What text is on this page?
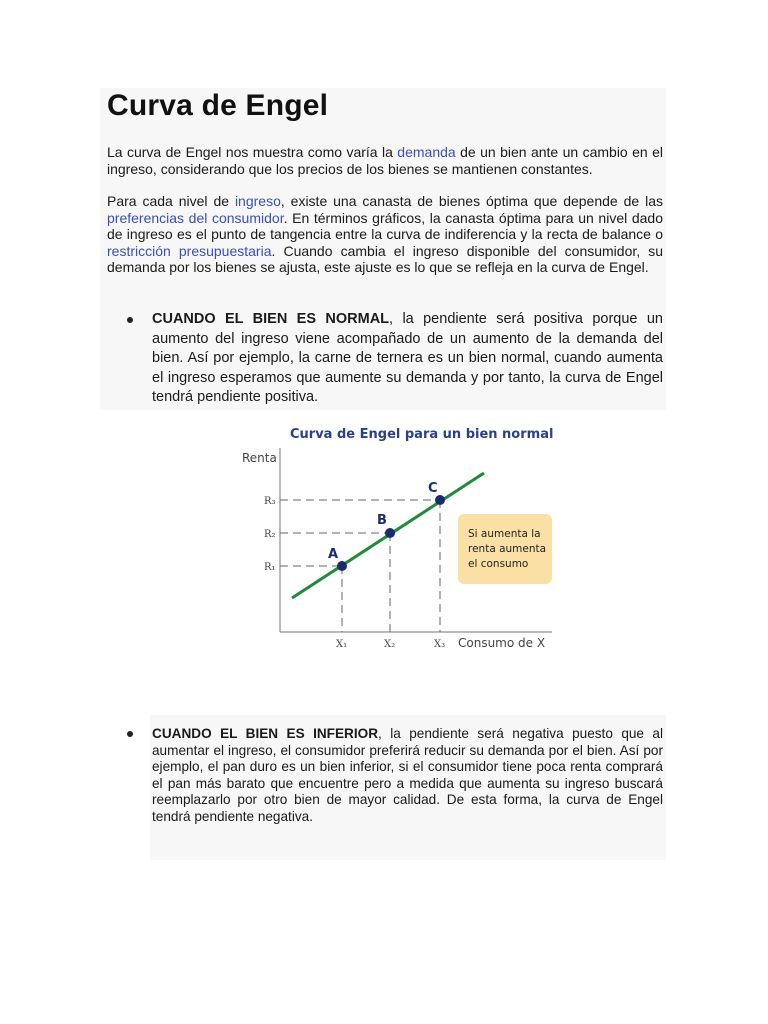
Curva de Engel

La curva de Engel nos muestra como varía la demanda de un bien ante un cambio en el ingreso, considerando que los precios de los bienes se mantienen constantes.

Para cada nivel de ingreso, existe una canasta de bienes óptima que depende de las preferencias del consumidor. En términos gráficos, la canasta óptima para un nivel dado de ingreso es el punto de tangencia entre la curva de indiferencia y la recta de balance o restricción presupuestaria. Cuando cambia el ingreso disponible del consumidor, su demanda por los bienes se ajusta, este ajuste es lo que se refleja en la curva de Engel.

CUANDO EL BIEN ES NORMAL, la pendiente será positiva porque un aumento del ingreso viene acompañado de un aumento de la demanda del bien. Así por ejemplo, la carne de ternera es un bien normal, cuando aumenta el ingreso esperamos que aumente su demanda y por tanto, la curva de Engel tendrá pendiente positiva.

CUANDO EL BIEN ES INFERIOR, la pendiente será negativa puesto que al aumentar el ingreso, el consumidor preferirá reducir su demanda por el bien. Así por ejemplo, el pan duro es un bien inferior, si el consumidor tiene poca renta comprará el pan más barato que encuentre pero a medida que aumenta su ingreso buscará reemplazarlo por otro bien de mayor calidad. De esta forma, la curva de Engel tendrá pendiente negativa.

Curva de Engel para un bien normal
Renta
Consumo de X
R₁
X₁
A
R₂
X₂
B
R₃
X₃
C
Si aumenta la
renta aumenta
el consumo
